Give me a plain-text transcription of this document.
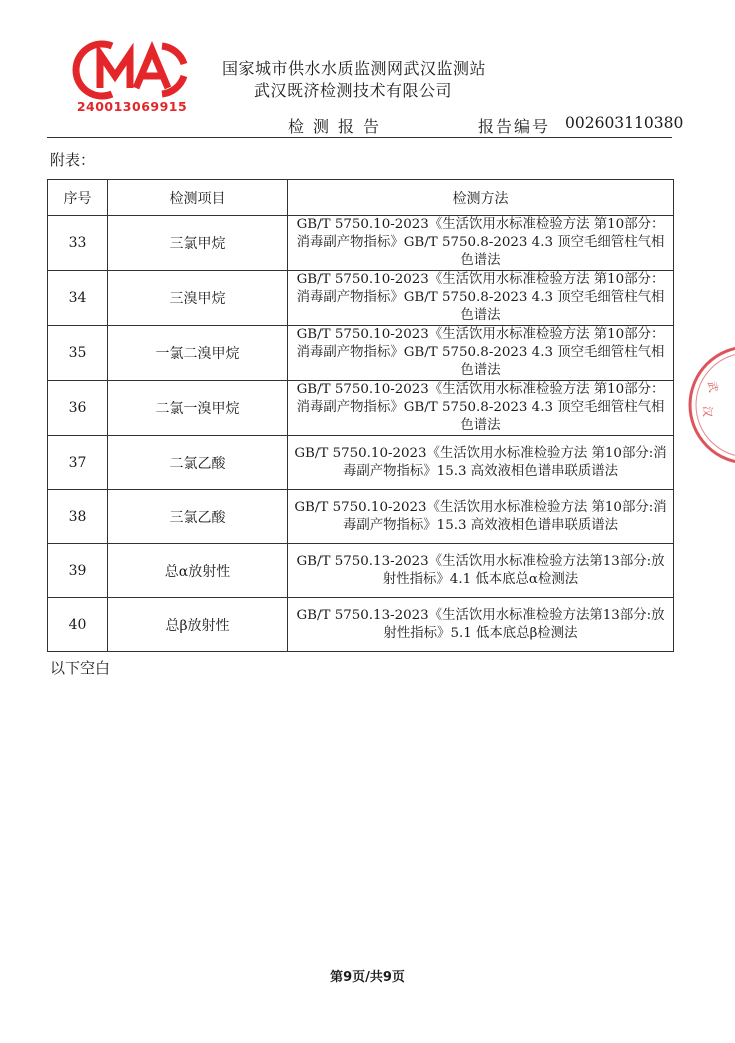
240013069915
国家城市供水水质监测网武汉监测站
武汉既济检测技术有限公司
检测报告	报告编号 002603110380
附表：
序号	检测项目	检测方法
33	三氯甲烷	GB/T 5750.10-2023《生活饮用水标准检验方法 第10部分：消毒副产物指标》GB/T 5750.8-2023 4.3 顶空毛细管柱气相色谱法
34	三溴甲烷	GB/T 5750.10-2023《生活饮用水标准检验方法 第10部分：消毒副产物指标》GB/T 5750.8-2023 4.3 顶空毛细管柱气相色谱法
35	一氯二溴甲烷	GB/T 5750.10-2023《生活饮用水标准检验方法 第10部分：消毒副产物指标》GB/T 5750.8-2023 4.3 顶空毛细管柱气相色谱法
36	二氯一溴甲烷	GB/T 5750.10-2023《生活饮用水标准检验方法 第10部分：消毒副产物指标》GB/T 5750.8-2023 4.3 顶空毛细管柱气相色谱法
37	二氯乙酸	GB/T 5750.10-2023《生活饮用水标准检验方法 第10部分:消毒副产物指标》15.3 高效液相色谱串联质谱法
38	三氯乙酸	GB/T 5750.10-2023《生活饮用水标准检验方法 第10部分:消毒副产物指标》15.3 高效液相色谱串联质谱法
39	总α放射性	GB/T 5750.13-2023《生活饮用水标准检验方法第13部分:放射性指标》4.1 低本底总α检测法
40	总β放射性	GB/T 5750.13-2023《生活饮用水标准检验方法第13部分:放射性指标》5.1 低本底总β检测法
以下空白
武
汉
第9页/共9页
